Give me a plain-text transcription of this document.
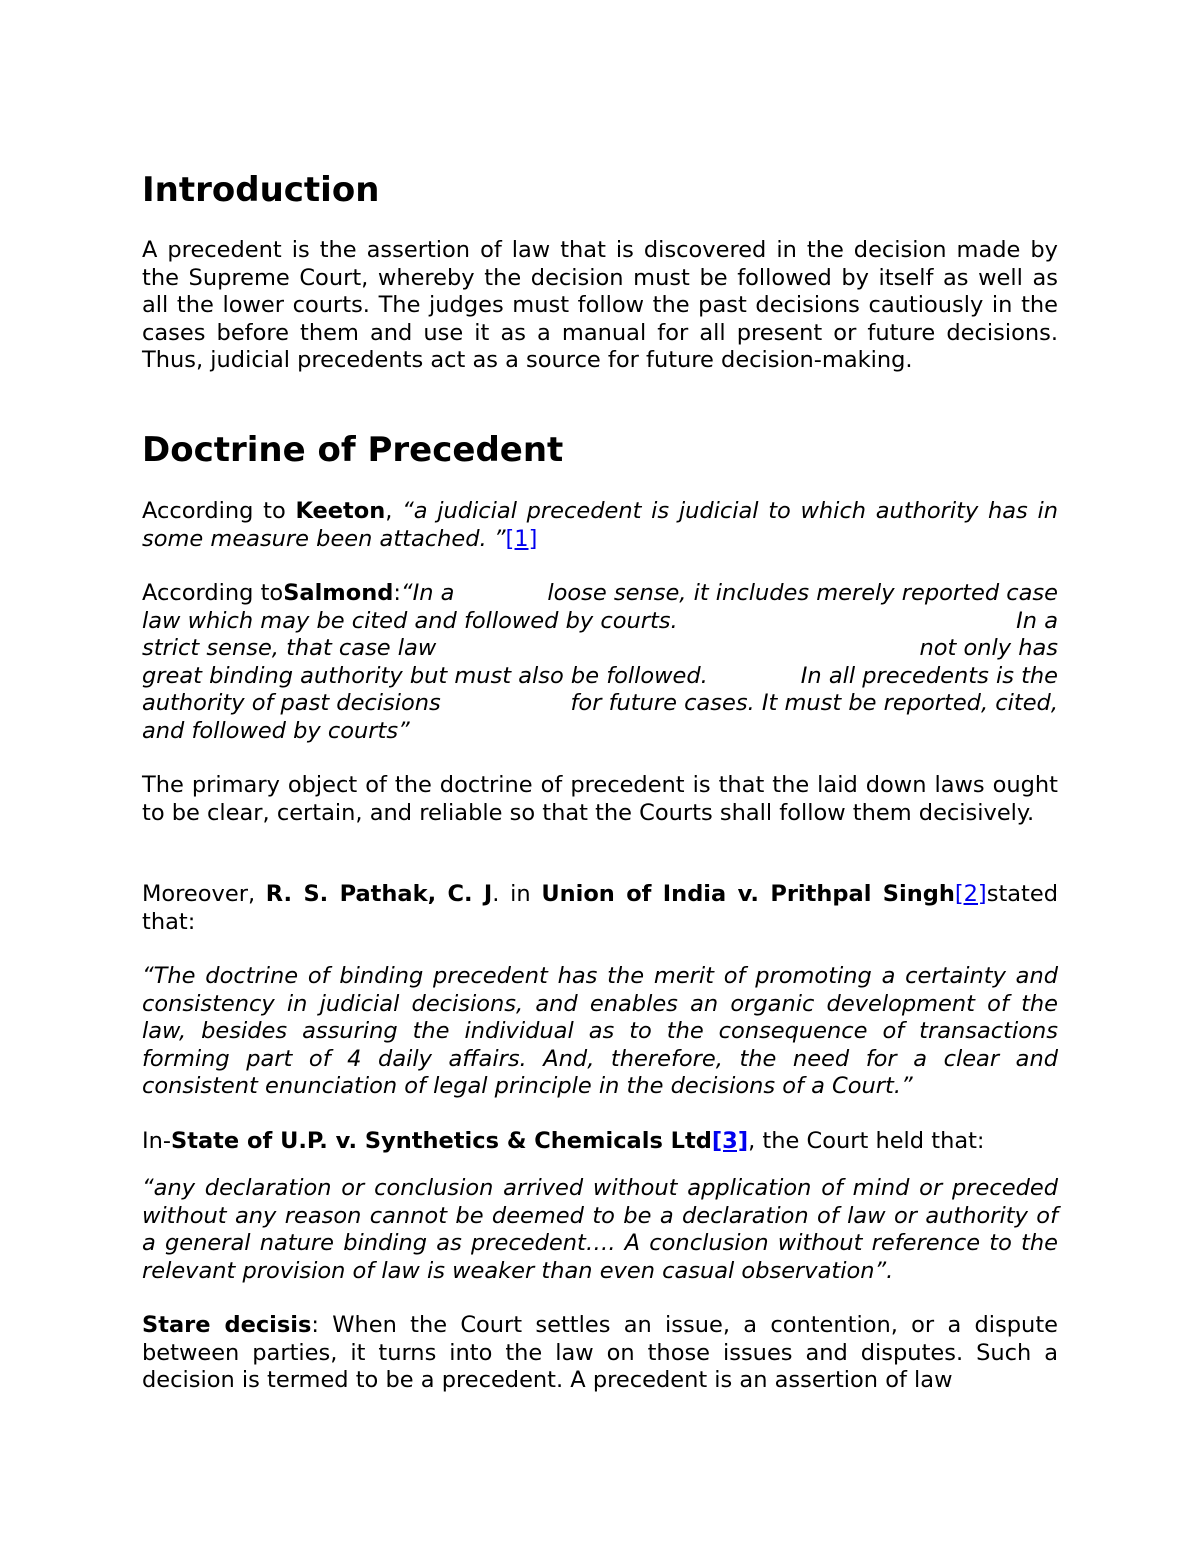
Introduction

A precedent is the assertion of law that is discovered in the decision made by the Supreme Court, whereby the decision must be followed by itself as well as all the lower courts. The judges must follow the past decisions cautiously in the cases before them and use it as a manual for all present or future decisions. Thus, judicial precedents act as a source for future decision-making.

Doctrine of Precedent

According to Keeton, “a judicial precedent is judicial to which authority has in some measure been attached. ”[1]

According to Salmond : “In a	loose sense, it includes merely reported case
law which may be cited and followed by courts.	In a
strict sense, that case law	not only has
great binding authority but must also be followed.	In all precedents is the
authority of past decisions	for future cases. It must be reported, cited,
and followed by courts”

The primary object of the doctrine of precedent is that the laid down laws ought to be clear, certain, and reliable so that the Courts shall follow them decisively.

Moreover, R. S. Pathak, C. J. in Union of India v. Prithpal Singh[2]stated that:

“The doctrine of binding precedent has the merit of promoting a certainty and consistency in judicial decisions, and enables an organic development of the law, besides assuring the individual as to the consequence of transactions forming part of 4 daily affairs. And, therefore, the need for a clear and consistent enunciation of legal principle in the decisions of a Court.”

In-State of U.P. v. Synthetics & Chemicals Ltd[3], the Court held that:

“any declaration or conclusion arrived without application of mind or preceded without any reason cannot be deemed to be a declaration of law or authority of a general nature binding as precedent…. A conclusion without reference to the relevant provision of law is weaker than even casual observation”.

Stare decisis: When the Court settles an issue, a contention, or a dispute between parties, it turns into the law on those issues and disputes. Such a decision is termed to be a precedent. A precedent is an assertion of law
